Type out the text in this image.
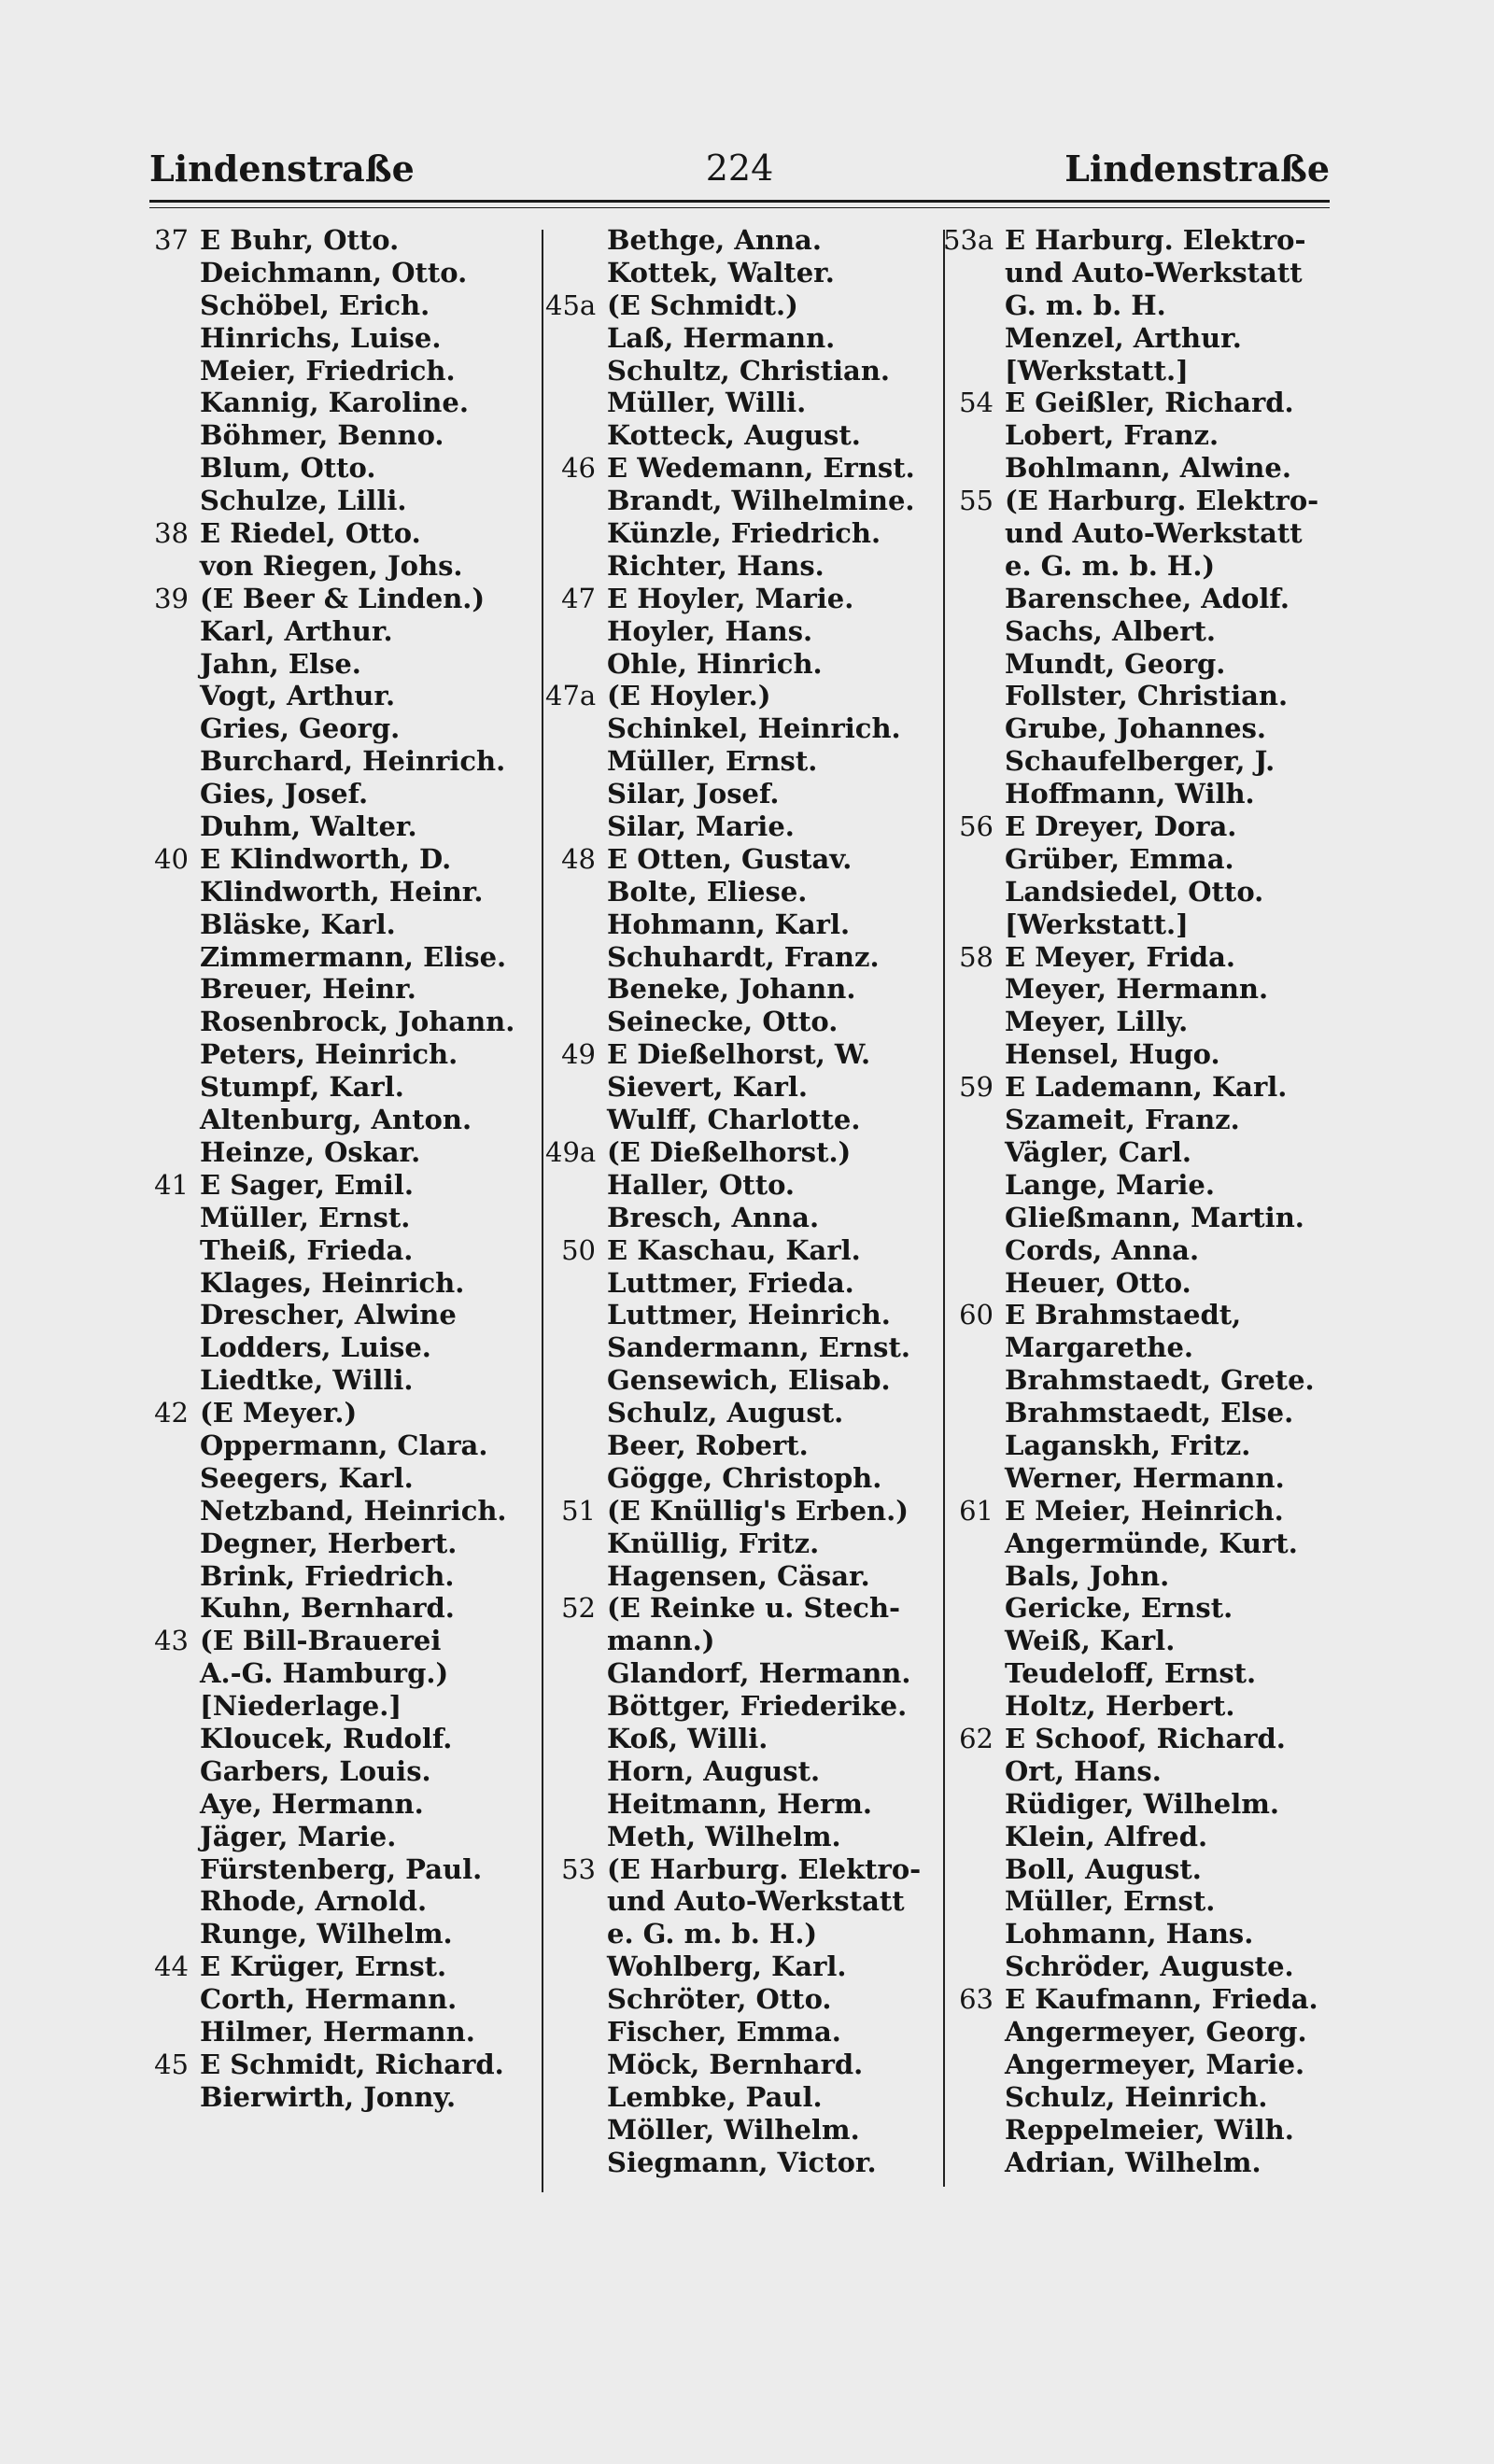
Lindenstraße	224	Lindenstraße
37 E Buhr, Otto.
Deichmann, Otto.
Schöbel, Erich.
Hinrichs, Luise.
Meier, Friedrich.
Kannig, Karoline.
Böhmer, Benno.
Blum, Otto.
Schulze, Lilli.
38 E Riedel, Otto.
von Riegen, Johs.
39 (E Beer & Linden.)
Karl, Arthur.
Jahn, Else.
Vogt, Arthur.
Gries, Georg.
Burchard, Heinrich.
Gies, Josef.
Duhm, Walter.
40 E Klindworth, D.
Klindworth, Heinr.
Bläske, Karl.
Zimmermann, Elise.
Breuer, Heinr.
Rosenbrock, Johann.
Peters, Heinrich.
Stumpf, Karl.
Altenburg, Anton.
Heinze, Oskar.
41 E Sager, Emil.
Müller, Ernst.
Theiß, Frieda.
Klages, Heinrich.
Drescher, Alwine
Lodders, Luise.
Liedtke, Willi.
42 (E Meyer.)
Oppermann, Clara.
Seegers, Karl.
Netzband, Heinrich.
Degner, Herbert.
Brink, Friedrich.
Kuhn, Bernhard.
43 (E Bill-Brauerei
A.-G. Hamburg.)
[Niederlage.]
Kloucek, Rudolf.
Garbers, Louis.
Aye, Hermann.
Jäger, Marie.
Fürstenberg, Paul.
Rhode, Arnold.
Runge, Wilhelm.
44 E Krüger, Ernst.
Corth, Hermann.
Hilmer, Hermann.
45 E Schmidt, Richard.
Bierwirth, Jonny.
Bethge, Anna.
Kottek, Walter.
45a (E Schmidt.)
Laß, Hermann.
Schultz, Christian.
Müller, Willi.
Kotteck, August.
46 E Wedemann, Ernst.
Brandt, Wilhelmine.
Künzle, Friedrich.
Richter, Hans.
47 E Hoyler, Marie.
Hoyler, Hans.
Ohle, Hinrich.
47a (E Hoyler.)
Schinkel, Heinrich.
Müller, Ernst.
Silar, Josef.
Silar, Marie.
48 E Otten, Gustav.
Bolte, Eliese.
Hohmann, Karl.
Schuhardt, Franz.
Beneke, Johann.
Seinecke, Otto.
49 E Dießelhorst, W.
Sievert, Karl.
Wulff, Charlotte.
49a (E Dießelhorst.)
Haller, Otto.
Bresch, Anna.
50 E Kaschau, Karl.
Luttmer, Frieda.
Luttmer, Heinrich.
Sandermann, Ernst.
Gensewich, Elisab.
Schulz, August.
Beer, Robert.
Gögge, Christoph.
51 (E Knüllig's Erben.)
Knüllig, Fritz.
Hagensen, Cäsar.
52 (E Reinke u. Stech-
mann.)
Glandorf, Hermann.
Böttger, Friederike.
Koß, Willi.
Horn, August.
Heitmann, Herm.
Meth, Wilhelm.
53 (E Harburg. Elektro-
und Auto-Werkstatt
e. G. m. b. H.)
Wohlberg, Karl.
Schröter, Otto.
Fischer, Emma.
Möck, Bernhard.
Lembke, Paul.
Möller, Wilhelm.
Siegmann, Victor.
53a E Harburg. Elektro-
und Auto-Werkstatt
G. m. b. H.
Menzel, Arthur.
[Werkstatt.]
54 E Geißler, Richard.
Lobert, Franz.
Bohlmann, Alwine.
55 (E Harburg. Elektro-
und Auto-Werkstatt
e. G. m. b. H.)
Barenschee, Adolf.
Sachs, Albert.
Mundt, Georg.
Follster, Christian.
Grube, Johannes.
Schaufelberger, J.
Hoffmann, Wilh.
56 E Dreyer, Dora.
Grüber, Emma.
Landsiedel, Otto.
[Werkstatt.]
58 E Meyer, Frida.
Meyer, Hermann.
Meyer, Lilly.
Hensel, Hugo.
59 E Lademann, Karl.
Szameit, Franz.
Vägler, Carl.
Lange, Marie.
Gließmann, Martin.
Cords, Anna.
Heuer, Otto.
60 E Brahmstaedt,
Margarethe.
Brahmstaedt, Grete.
Brahmstaedt, Else.
Laganskh, Fritz.
Werner, Hermann.
61 E Meier, Heinrich.
Angermünde, Kurt.
Bals, John.
Gericke, Ernst.
Weiß, Karl.
Teudeloff, Ernst.
Holtz, Herbert.
62 E Schoof, Richard.
Ort, Hans.
Rüdiger, Wilhelm.
Klein, Alfred.
Boll, August.
Müller, Ernst.
Lohmann, Hans.
Schröder, Auguste.
63 E Kaufmann, Frieda.
Angermeyer, Georg.
Angermeyer, Marie.
Schulz, Heinrich.
Reppelmeier, Wilh.
Adrian, Wilhelm.
